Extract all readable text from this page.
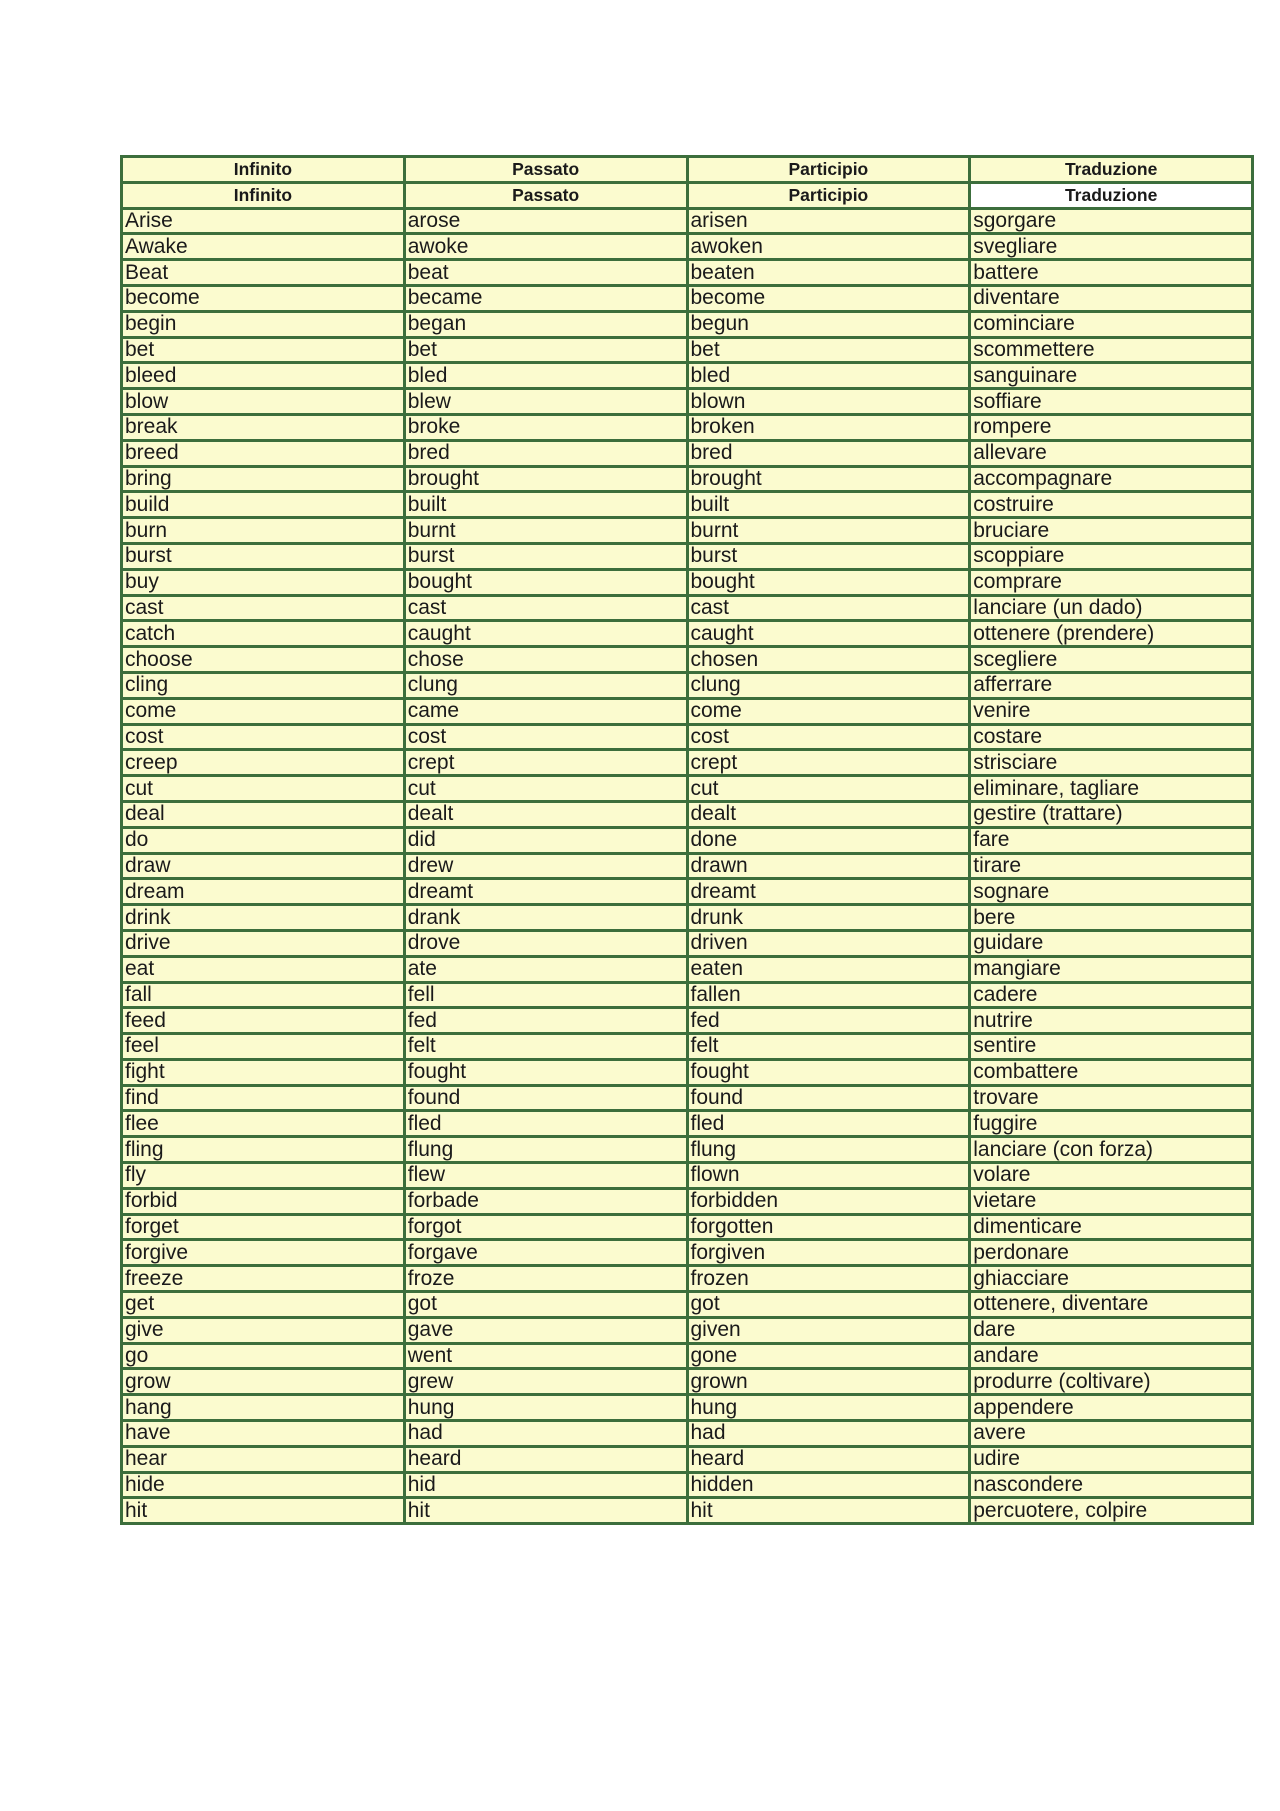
Infinito	Passato	Participio	Traduzione
Infinito	Passato	Participio	Traduzione
Arise	arose	arisen	sgorgare
Awake	awoke	awoken	svegliare
Beat	beat	beaten	battere
become	became	become	diventare
begin	began	begun	cominciare
bet	bet	bet	scommettere
bleed	bled	bled	sanguinare
blow	blew	blown	soffiare
break	broke	broken	rompere
breed	bred	bred	allevare
bring	brought	brought	accompagnare
build	built	built	costruire
burn	burnt	burnt	bruciare
burst	burst	burst	scoppiare
buy	bought	bought	comprare
cast	cast	cast	lanciare (un dado)
catch	caught	caught	ottenere (prendere)
choose	chose	chosen	scegliere
cling	clung	clung	afferrare
come	came	come	venire
cost	cost	cost	costare
creep	crept	crept	strisciare
cut	cut	cut	eliminare, tagliare
deal	dealt	dealt	gestire (trattare)
do	did	done	fare
draw	drew	drawn	tirare
dream	dreamt	dreamt	sognare
drink	drank	drunk	bere
drive	drove	driven	guidare
eat	ate	eaten	mangiare
fall	fell	fallen	cadere
feed	fed	fed	nutrire
feel	felt	felt	sentire
fight	fought	fought	combattere
find	found	found	trovare
flee	fled	fled	fuggire
fling	flung	flung	lanciare (con forza)
fly	flew	flown	volare
forbid	forbade	forbidden	vietare
forget	forgot	forgotten	dimenticare
forgive	forgave	forgiven	perdonare
freeze	froze	frozen	ghiacciare
get	got	got	ottenere, diventare
give	gave	given	dare
go	went	gone	andare
grow	grew	grown	produrre (coltivare)
hang	hung	hung	appendere
have	had	had	avere
hear	heard	heard	udire
hide	hid	hidden	nascondere
hit	hit	hit	percuotere, colpire
